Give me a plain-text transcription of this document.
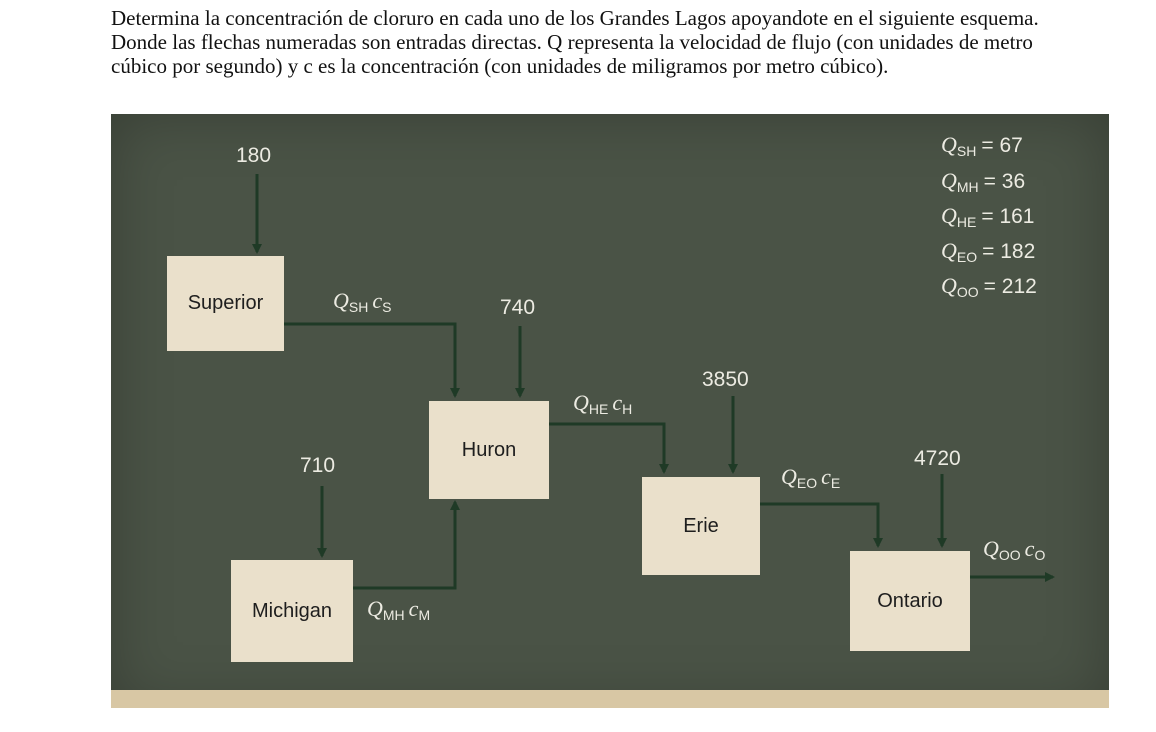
Determina la concentración de cloruro en cada uno de los Grandes Lagos apoyandote en el siguiente esquema. Donde las flechas numeradas son entradas directas. Q representa la velocidad de flujo (con unidades de metro cúbico por segundo) y c es la concentración (con unidades de miligramos por metro cúbico).
Superior
Michigan
Huron
Erie
Ontario
180
710
740
3850
4720
$Q_{SH}$ cS
$Q_{MH}$ cM
$Q_{HE}$ cH
$Q_{EO}$ cE
$Q_{OO}$ cO
$Q_{SH} = 67$
$Q_{MH} = 36$
$Q_{HE} = 161$
$Q_{EO} = 182$
$Q_{OO} = 212$
